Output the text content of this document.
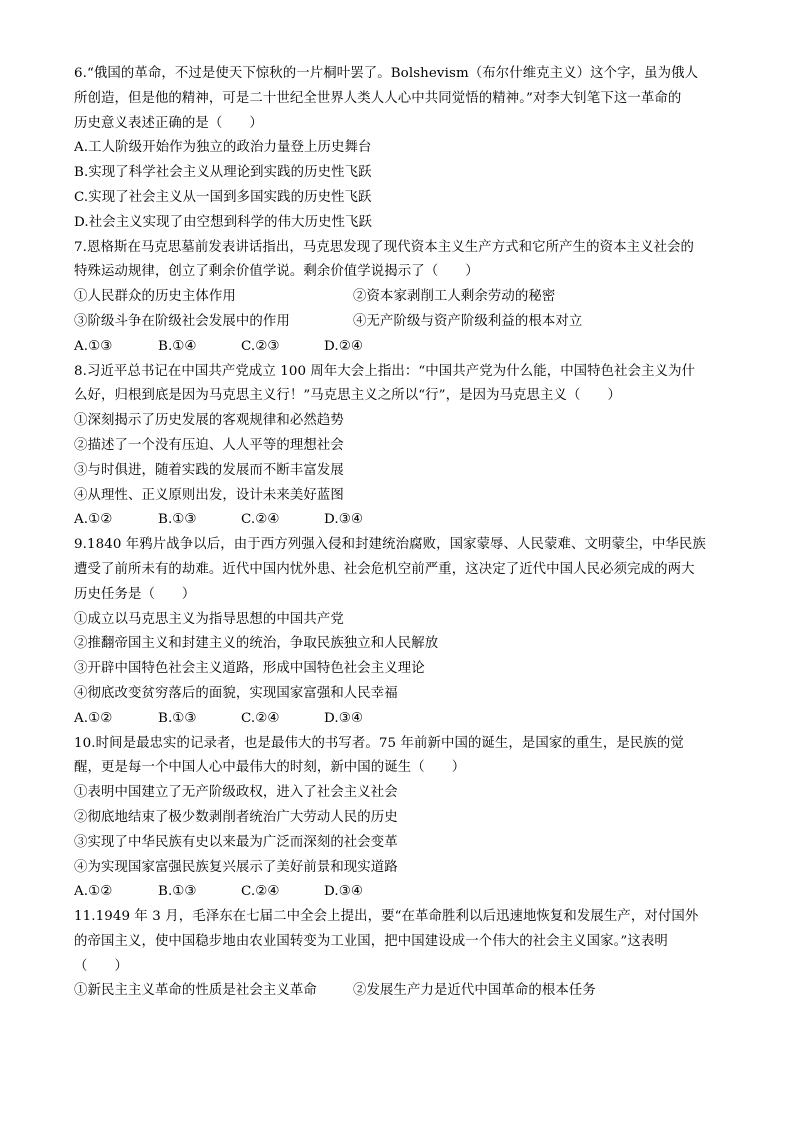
6.“俄国的革命，不过是使天下惊秋的一片桐叶罢了。Bolshevism（布尔什维克主义）这个字，虽为俄人
所创造，但是他的精神，可是二十世纪全世界人类人人心中共同觉悟的精神。”对李大钊笔下这一革命的
历史意义表述正确的是（　　）
A.工人阶级开始作为独立的政治力量登上历史舞台
B.实现了科学社会主义从理论到实践的历史性飞跃
C.实现了社会主义从一国到多国实践的历史性飞跃
D.社会主义实现了由空想到科学的伟大历史性飞跃
7.恩格斯在马克思墓前发表讲话指出，马克思发现了现代资本主义生产方式和它所产生的资本主义社会的
特殊运动规律，创立了剩余价值学说。剩余价值学说揭示了（　　）
①人民群众的历史主体作用	②资本家剥削工人剩余劳动的秘密
③阶级斗争在阶级社会发展中的作用	④无产阶级与资产阶级利益的根本对立
A.①③	B.①④	C.②③	D.②④
8.习近平总书记在中国共产党成立 100 周年大会上指出：“中国共产党为什么能，中国特色社会主义为什
么好，归根到底是因为马克思主义行！”马克思主义之所以“行”，是因为马克思主义（　　）
①深刻揭示了历史发展的客观规律和必然趋势
②描述了一个没有压迫、人人平等的理想社会
③与时俱进，随着实践的发展而不断丰富发展
④从理性、正义原则出发，设计未来美好蓝图
A.①②	B.①③	C.②④	D.③④
9.1840 年鸦片战争以后，由于西方列强入侵和封建统治腐败，国家蒙辱、人民蒙难、文明蒙尘，中华民族
遭受了前所未有的劫难。近代中国内忧外患、社会危机空前严重，这决定了近代中国人民必须完成的两大
历史任务是（　　）
①成立以马克思主义为指导思想的中国共产党
②推翻帝国主义和封建主义的统治，争取民族独立和人民解放
③开辟中国特色社会主义道路，形成中国特色社会主义理论
④彻底改变贫穷落后的面貌，实现国家富强和人民幸福
A.①②	B.①③	C.②④	D.③④
10.时间是最忠实的记录者，也是最伟大的书写者。75 年前新中国的诞生，是国家的重生，是民族的觉
醒，更是每一个中国人心中最伟大的时刻，新中国的诞生（　　）
①表明中国建立了无产阶级政权，进入了社会主义社会
②彻底地结束了极少数剥削者统治广大劳动人民的历史
③实现了中华民族有史以来最为广泛而深刻的社会变革
④为实现国家富强民族复兴展示了美好前景和现实道路
A.①②	B.①③	C.②④	D.③④
11.1949 年 3 月，毛泽东在七届二中全会上提出，要“在革命胜利以后迅速地恢复和发展生产，对付国外
的帝国主义，使中国稳步地由农业国转变为工业国，把中国建设成一个伟大的社会主义国家。”这表明
（　　）
①新民主主义革命的性质是社会主义革命	②发展生产力是近代中国革命的根本任务
